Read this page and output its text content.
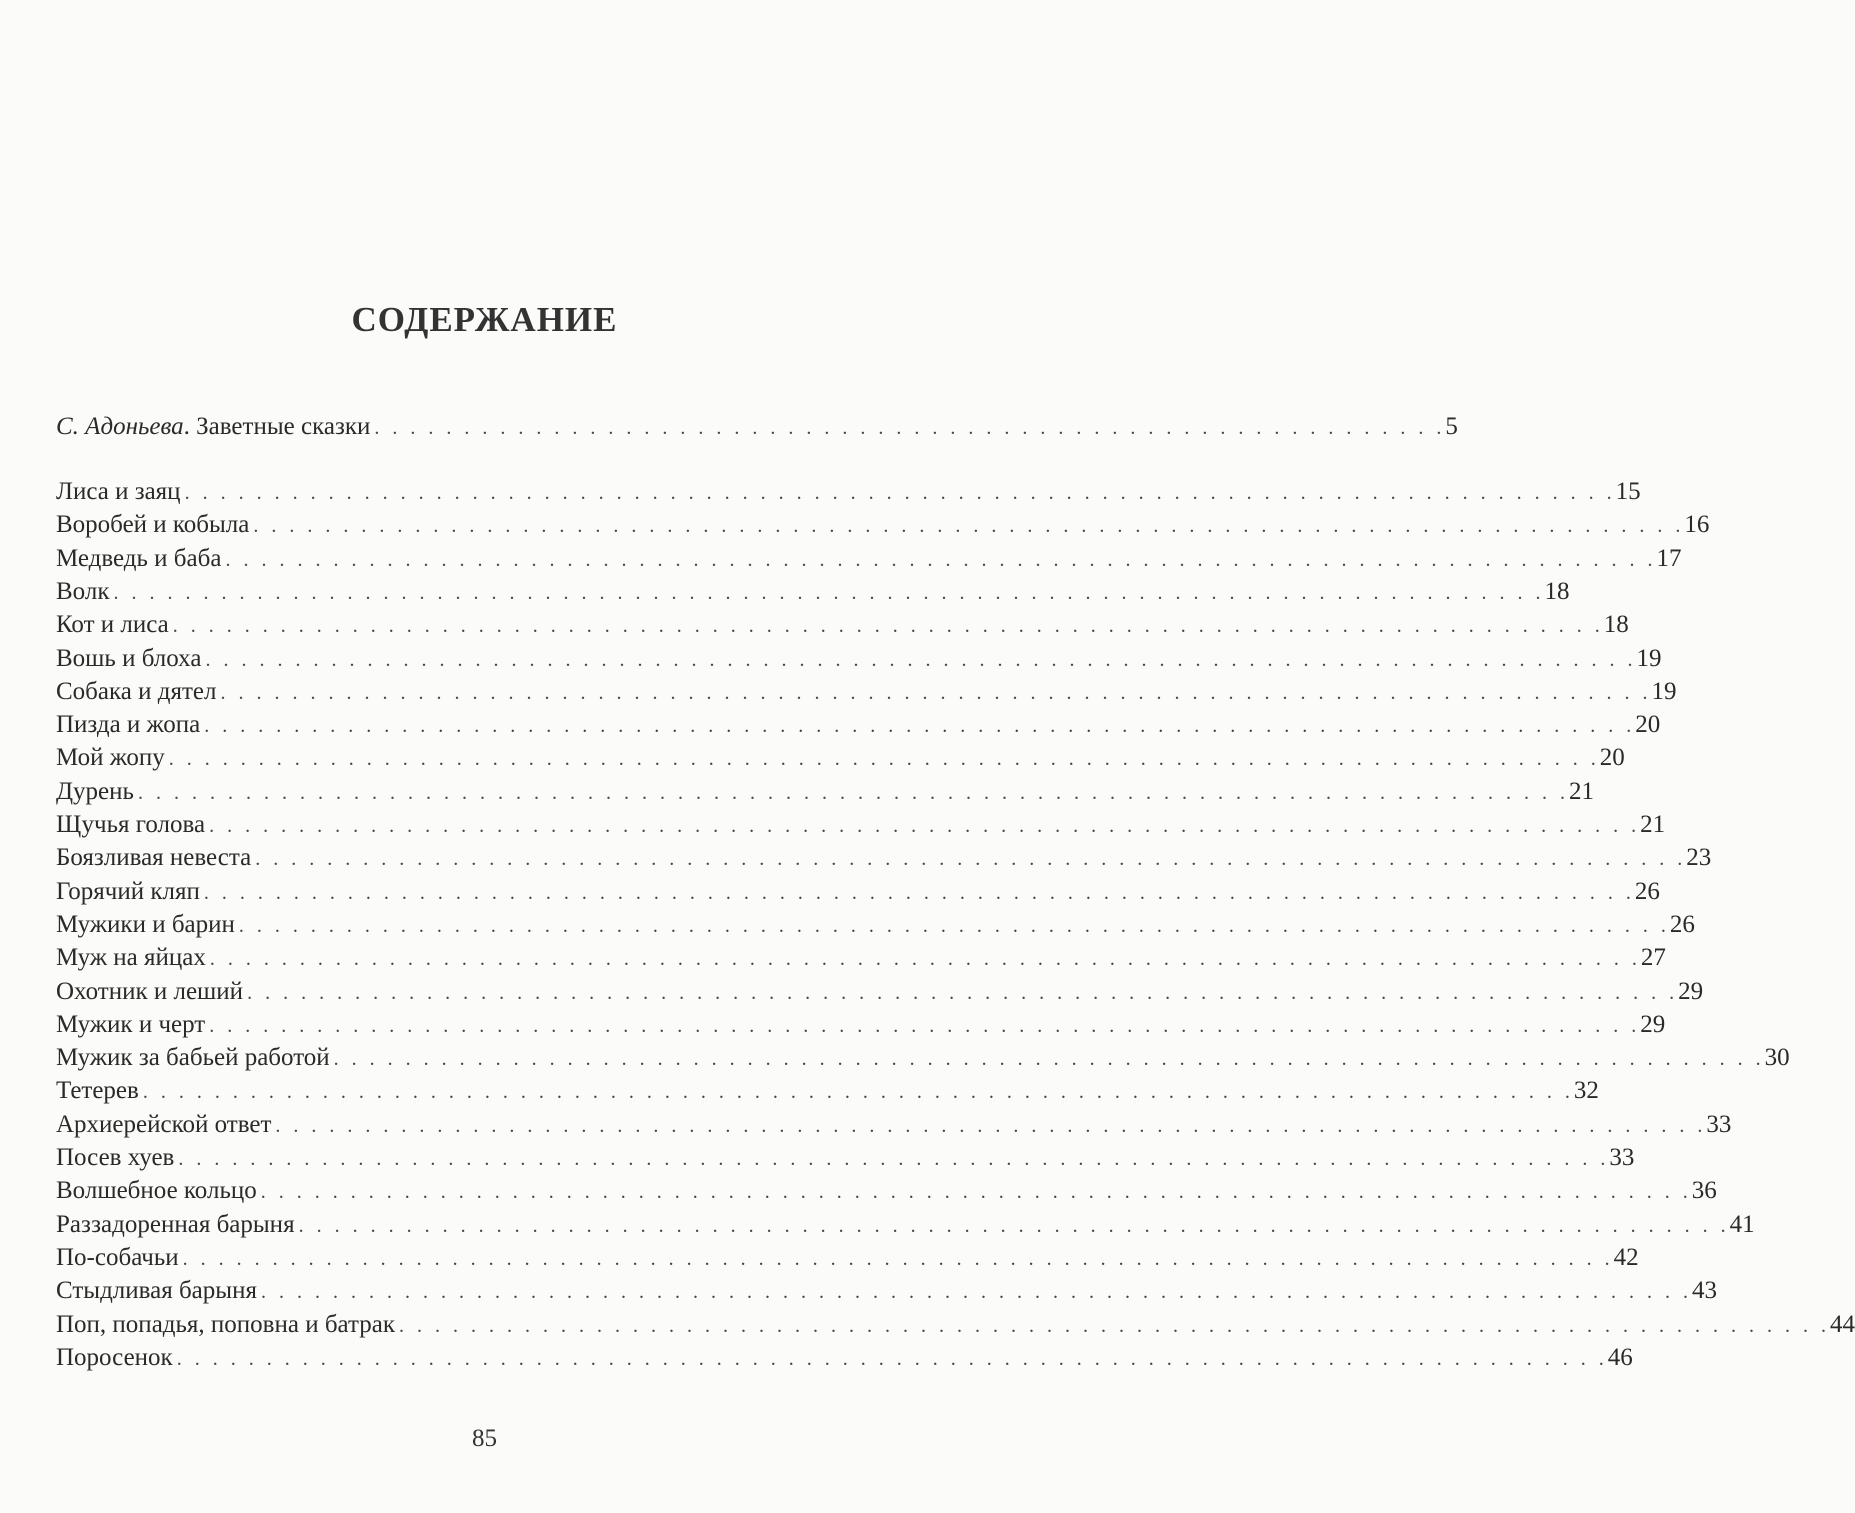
СОДЕРЖАНИЕ
С. Адоньева. Заветные сказки . . . . . . . . . . . . . . . . . . . . . . . . . . . . . . . . . . . . . . . . . . . . . . . . . . . . . . . . . . . . 5
Лиса и заяц . . . . . . . . . . . . . . . . . . . . . . . . . . . . . . . . . . . . . . . . . . . . . . . . . . . . . . . . . . . . . . . . . . . . . . . . . . . . . . . . 15
Воробей и кобыла . . . . . . . . . . . . . . . . . . . . . . . . . . . . . . . . . . . . . . . . . . . . . . . . . . . . . . . . . . . . . . . . . . . . . . . . . . . . . . . . 16
Медведь и баба . . . . . . . . . . . . . . . . . . . . . . . . . . . . . . . . . . . . . . . . . . . . . . . . . . . . . . . . . . . . . . . . . . . . . . . . . . . . . . . . 17
Волк . . . . . . . . . . . . . . . . . . . . . . . . . . . . . . . . . . . . . . . . . . . . . . . . . . . . . . . . . . . . . . . . . . . . . . . . . . . . . . . . 18
Кот и лиса . . . . . . . . . . . . . . . . . . . . . . . . . . . . . . . . . . . . . . . . . . . . . . . . . . . . . . . . . . . . . . . . . . . . . . . . . . . . . . . . 18
Вошь и блоха . . . . . . . . . . . . . . . . . . . . . . . . . . . . . . . . . . . . . . . . . . . . . . . . . . . . . . . . . . . . . . . . . . . . . . . . . . . . . . . . 19
Собака и дятел . . . . . . . . . . . . . . . . . . . . . . . . . . . . . . . . . . . . . . . . . . . . . . . . . . . . . . . . . . . . . . . . . . . . . . . . . . . . . . . . 19
Пизда и жопа . . . . . . . . . . . . . . . . . . . . . . . . . . . . . . . . . . . . . . . . . . . . . . . . . . . . . . . . . . . . . . . . . . . . . . . . . . . . . . . . 20
Мой жопу . . . . . . . . . . . . . . . . . . . . . . . . . . . . . . . . . . . . . . . . . . . . . . . . . . . . . . . . . . . . . . . . . . . . . . . . . . . . . . . . 20
Дурень . . . . . . . . . . . . . . . . . . . . . . . . . . . . . . . . . . . . . . . . . . . . . . . . . . . . . . . . . . . . . . . . . . . . . . . . . . . . . . . . 21
Щучья голова . . . . . . . . . . . . . . . . . . . . . . . . . . . . . . . . . . . . . . . . . . . . . . . . . . . . . . . . . . . . . . . . . . . . . . . . . . . . . . . . 21
Боязливая невеста . . . . . . . . . . . . . . . . . . . . . . . . . . . . . . . . . . . . . . . . . . . . . . . . . . . . . . . . . . . . . . . . . . . . . . . . . . . . . . . . 23
Горячий кляп . . . . . . . . . . . . . . . . . . . . . . . . . . . . . . . . . . . . . . . . . . . . . . . . . . . . . . . . . . . . . . . . . . . . . . . . . . . . . . . . 26
Мужики и барин . . . . . . . . . . . . . . . . . . . . . . . . . . . . . . . . . . . . . . . . . . . . . . . . . . . . . . . . . . . . . . . . . . . . . . . . . . . . . . . . 26
Муж на яйцах . . . . . . . . . . . . . . . . . . . . . . . . . . . . . . . . . . . . . . . . . . . . . . . . . . . . . . . . . . . . . . . . . . . . . . . . . . . . . . . . 27
Охотник и леший . . . . . . . . . . . . . . . . . . . . . . . . . . . . . . . . . . . . . . . . . . . . . . . . . . . . . . . . . . . . . . . . . . . . . . . . . . . . . . . . 29
Мужик и черт . . . . . . . . . . . . . . . . . . . . . . . . . . . . . . . . . . . . . . . . . . . . . . . . . . . . . . . . . . . . . . . . . . . . . . . . . . . . . . . . 29
Мужик за бабьей работой . . . . . . . . . . . . . . . . . . . . . . . . . . . . . . . . . . . . . . . . . . . . . . . . . . . . . . . . . . . . . . . . . . . . . . . . . . . . . . . . 30
Тетерев . . . . . . . . . . . . . . . . . . . . . . . . . . . . . . . . . . . . . . . . . . . . . . . . . . . . . . . . . . . . . . . . . . . . . . . . . . . . . . . . 32
Архиерейской ответ . . . . . . . . . . . . . . . . . . . . . . . . . . . . . . . . . . . . . . . . . . . . . . . . . . . . . . . . . . . . . . . . . . . . . . . . . . . . . . . . 33
Посев хуев . . . . . . . . . . . . . . . . . . . . . . . . . . . . . . . . . . . . . . . . . . . . . . . . . . . . . . . . . . . . . . . . . . . . . . . . . . . . . . . . 33
Волшебное кольцо . . . . . . . . . . . . . . . . . . . . . . . . . . . . . . . . . . . . . . . . . . . . . . . . . . . . . . . . . . . . . . . . . . . . . . . . . . . . . . . . 36
Раззадоренная барыня . . . . . . . . . . . . . . . . . . . . . . . . . . . . . . . . . . . . . . . . . . . . . . . . . . . . . . . . . . . . . . . . . . . . . . . . . . . . . . . . 41
По-собачьи . . . . . . . . . . . . . . . . . . . . . . . . . . . . . . . . . . . . . . . . . . . . . . . . . . . . . . . . . . . . . . . . . . . . . . . . . . . . . . . . 42
Стыдливая барыня . . . . . . . . . . . . . . . . . . . . . . . . . . . . . . . . . . . . . . . . . . . . . . . . . . . . . . . . . . . . . . . . . . . . . . . . . . . . . . . . 43
Поп, попадья, поповна и батрак . . . . . . . . . . . . . . . . . . . . . . . . . . . . . . . . . . . . . . . . . . . . . . . . . . . . . . . . . . . . . . . . . . . . . . . . . . . . . . . . 44
Поросенок . . . . . . . . . . . . . . . . . . . . . . . . . . . . . . . . . . . . . . . . . . . . . . . . . . . . . . . . . . . . . . . . . . . . . . . . . . . . . . . . 46
85
